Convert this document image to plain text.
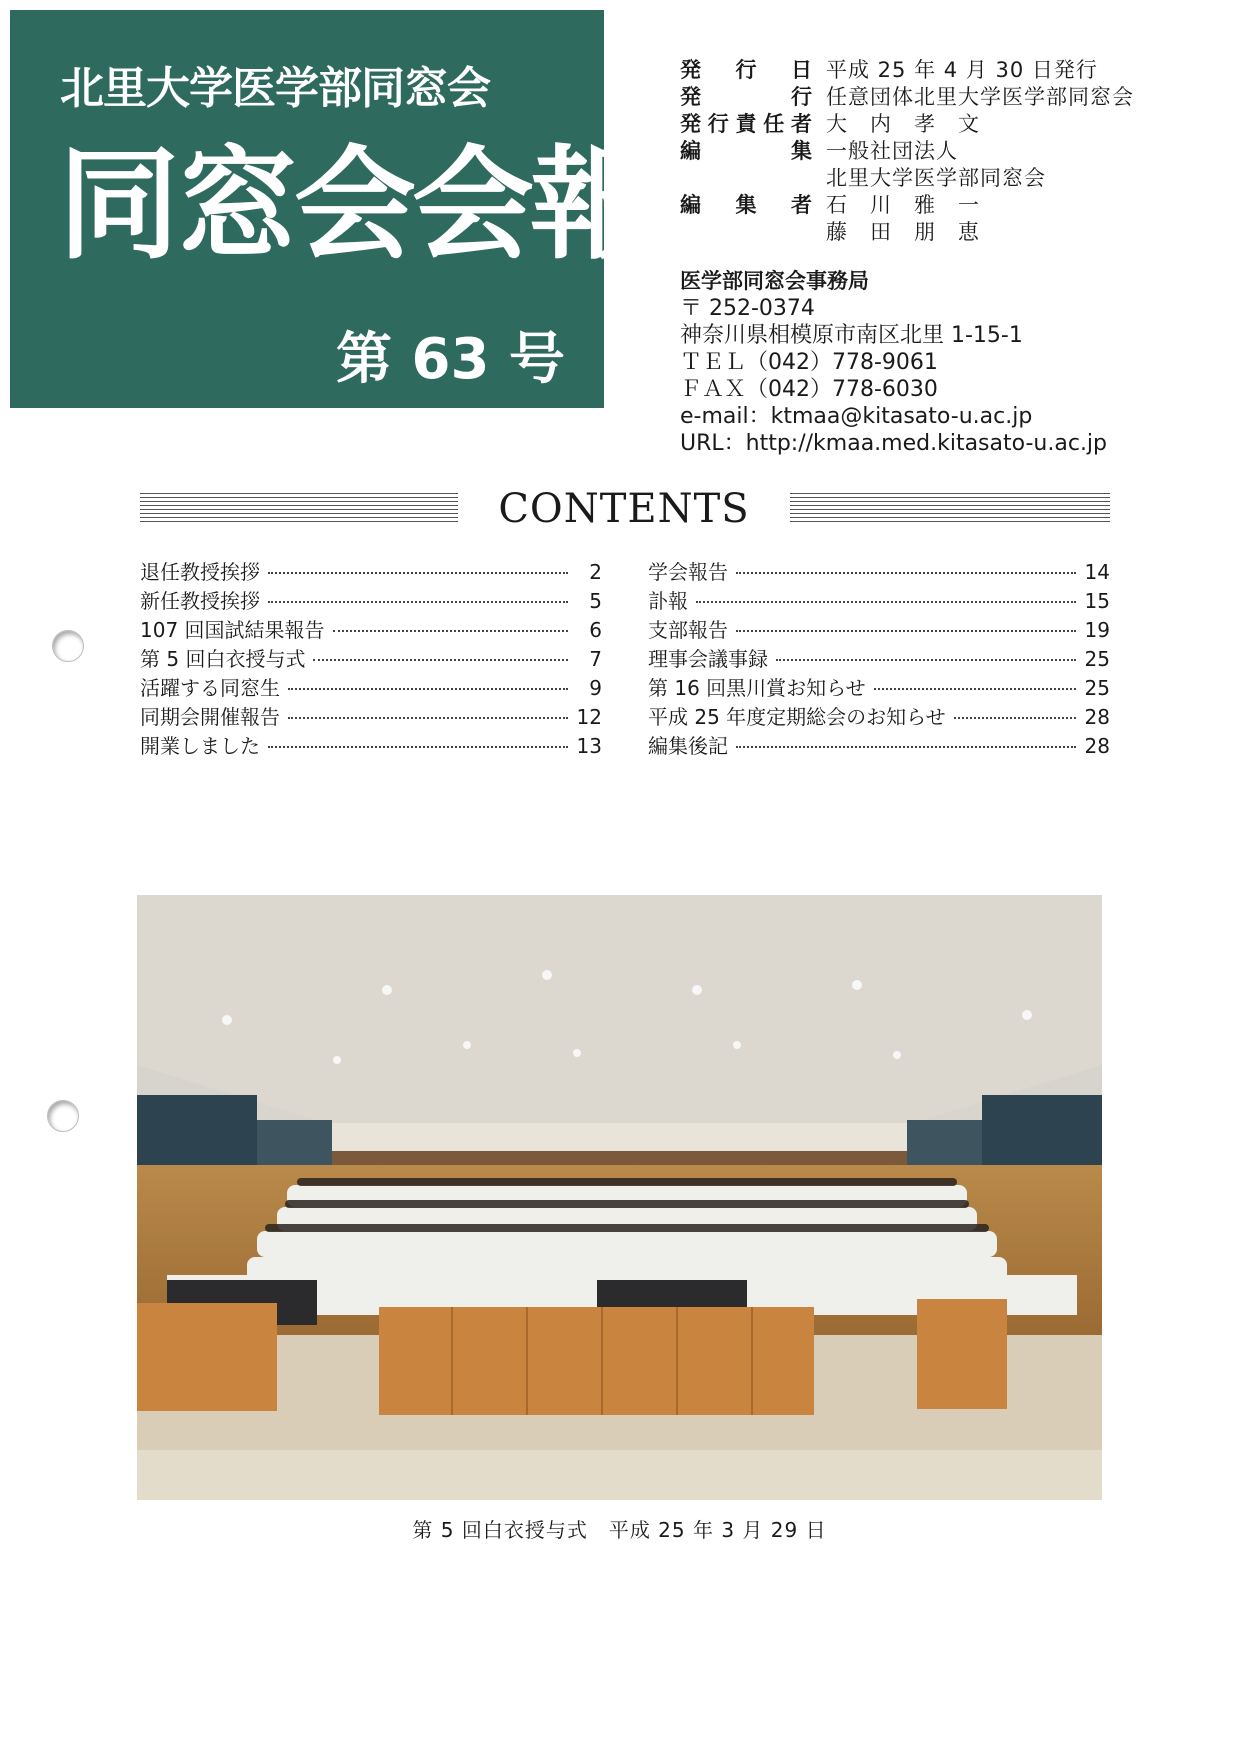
北里大学医学部同窓会
同窓会会報
第 63 号
発行日 平成 25 年 4 月 30 日発行
発行 任意団体北里大学医学部同窓会
発行責任者 大　内　孝　文
編集 一般社団法人
北里大学医学部同窓会
編集者 石　川　雅　一
藤　田　朋　恵
医学部同窓会事務局
〒 252-0374
神奈川県相模原市南区北里 1-15-1
ＴＥＬ（042）778-9061
ＦＡＸ（042）778-6030
e-mail：ktmaa@kitasato-u.ac.jp
URL：http://kmaa.med.kitasato-u.ac.jp
CONTENTS
退任教授挨拶	2
新任教授挨拶	5
107 回国試結果報告	6
第 5 回白衣授与式	7
活躍する同窓生	9
同期会開催報告	12
開業しました	13
学会報告	14
訃報	15
支部報告	19
理事会議事録	25
第 16 回黒川賞お知らせ	25
平成 25 年度定期総会のお知らせ	28
編集後記	28
第 5 回白衣授与式　平成 25 年 3 月 29 日
